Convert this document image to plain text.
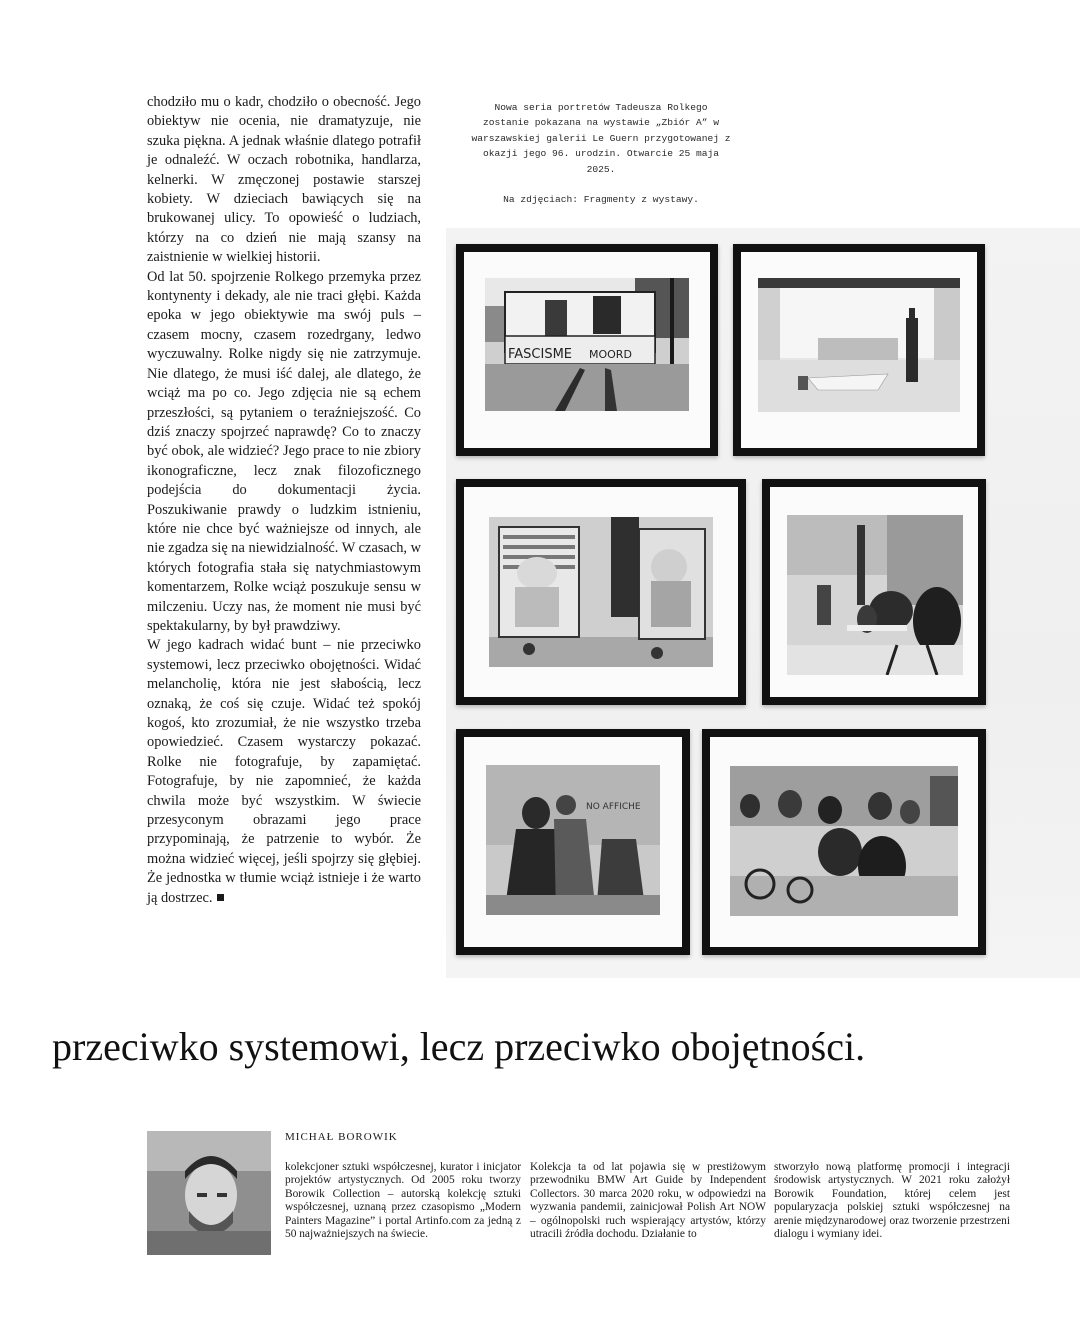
chodziło mu o kadr, chodziło o obecność. Jego obiektyw nie ocenia, nie dramatyzuje, nie szuka piękna. A jednak właśnie dlatego potrafił je odnaleźć. W oczach robotnika, handlarza, kelnerki. W zmęczonej postawie starszej kobiety. W dzieciach bawiących się na brukowanej ulicy. To opowieść o ludziach, którzy na co dzień nie mają szansy na zaistnienie w wielkiej historii.

Od lat 50. spojrzenie Rolkego przemyka przez kontynenty i dekady, ale nie traci głębi. Każda epoka w jego obiektywie ma swój puls – czasem mocny, czasem rozedrgany, ledwo wyczuwalny. Rolke nigdy się nie zatrzymuje. Nie dlatego, że musi iść dalej, ale dlatego, że wciąż ma po co. Jego zdjęcia nie są echem przeszłości, są pytaniem o teraźniejszość. Co dziś znaczy spojrzeć naprawdę? Co to znaczy być obok, ale widzieć? Jego prace to nie zbiory ikonograficzne, lecz znak filozoficznego podejścia do dokumentacji życia. Poszukiwanie prawdy o ludzkim istnieniu, które nie chce być ważniejsze od innych, ale nie zgadza się na niewidzialność. W czasach, w których fotografia stała się natychmiastowym komentarzem, Rolke wciąż poszukuje sensu w milczeniu. Uczy nas, że moment nie musi być spektakularny, by był prawdziwy.

W jego kadrach widać bunt – nie przeciwko systemowi, lecz przeciwko obojętności. Widać melancholię, która nie jest słabością, lecz oznaką, że coś się czuje. Widać też spokój kogoś, kto zrozumiał, że nie wszystko trzeba opowiedzieć. Czasem wystarczy pokazać. Rolke nie fotografuje, by zapamiętać. Fotografuje, by nie zapomnieć, że każda chwila może być wszystkim. W świecie przesyconym obrazami jego prace przypominają, że patrzenie to wybór. Że można widzieć więcej, jeśli spojrzy się głębiej. Że jednostka w tłumie wciąż istnieje i że warto ją dostrzec.

Nowa seria portretów Tadeusza Rolkego zostanie pokazana na wystawie „Zbiór A” w warszawskiej galerii Le Guern przygotowanej z okazji jego 96. urodzin. Otwarcie 25 maja 2025.

Na zdjęciach: Fragmenty z wystawy.

FASCISME MOORD
NO AFFICHE
przeciwko systemowi, lecz przeciwko obojętności.
MICHAŁ BOROWIK

kolekcjoner sztuki współczesnej, kurator i inicjator projektów artystycznych. Od 2005 roku tworzy Borowik Collection – autorską kolekcję sztuki współczesnej, uznaną przez czasopismo „Modern Painters Magazine” i portal Artinfo.com za jedną z 50 najważniejszych na świecie.

Kolekcja ta od lat pojawia się w prestiżowym przewodniku BMW Art Guide by Independent Collectors. 30 marca 2020 roku, w odpowiedzi na wyzwania pandemii, zainicjował Polish Art NOW – ogólnopolski ruch wspierający artystów, którzy utracili źródła dochodu. Działanie to

stworzyło nową platformę promocji i integracji środowisk artystycznych. W 2021 roku założył Borowik Foundation, której celem jest popularyzacja polskiej sztuki współczesnej na arenie międzynarodowej oraz tworzenie przestrzeni dialogu i wymiany idei.
